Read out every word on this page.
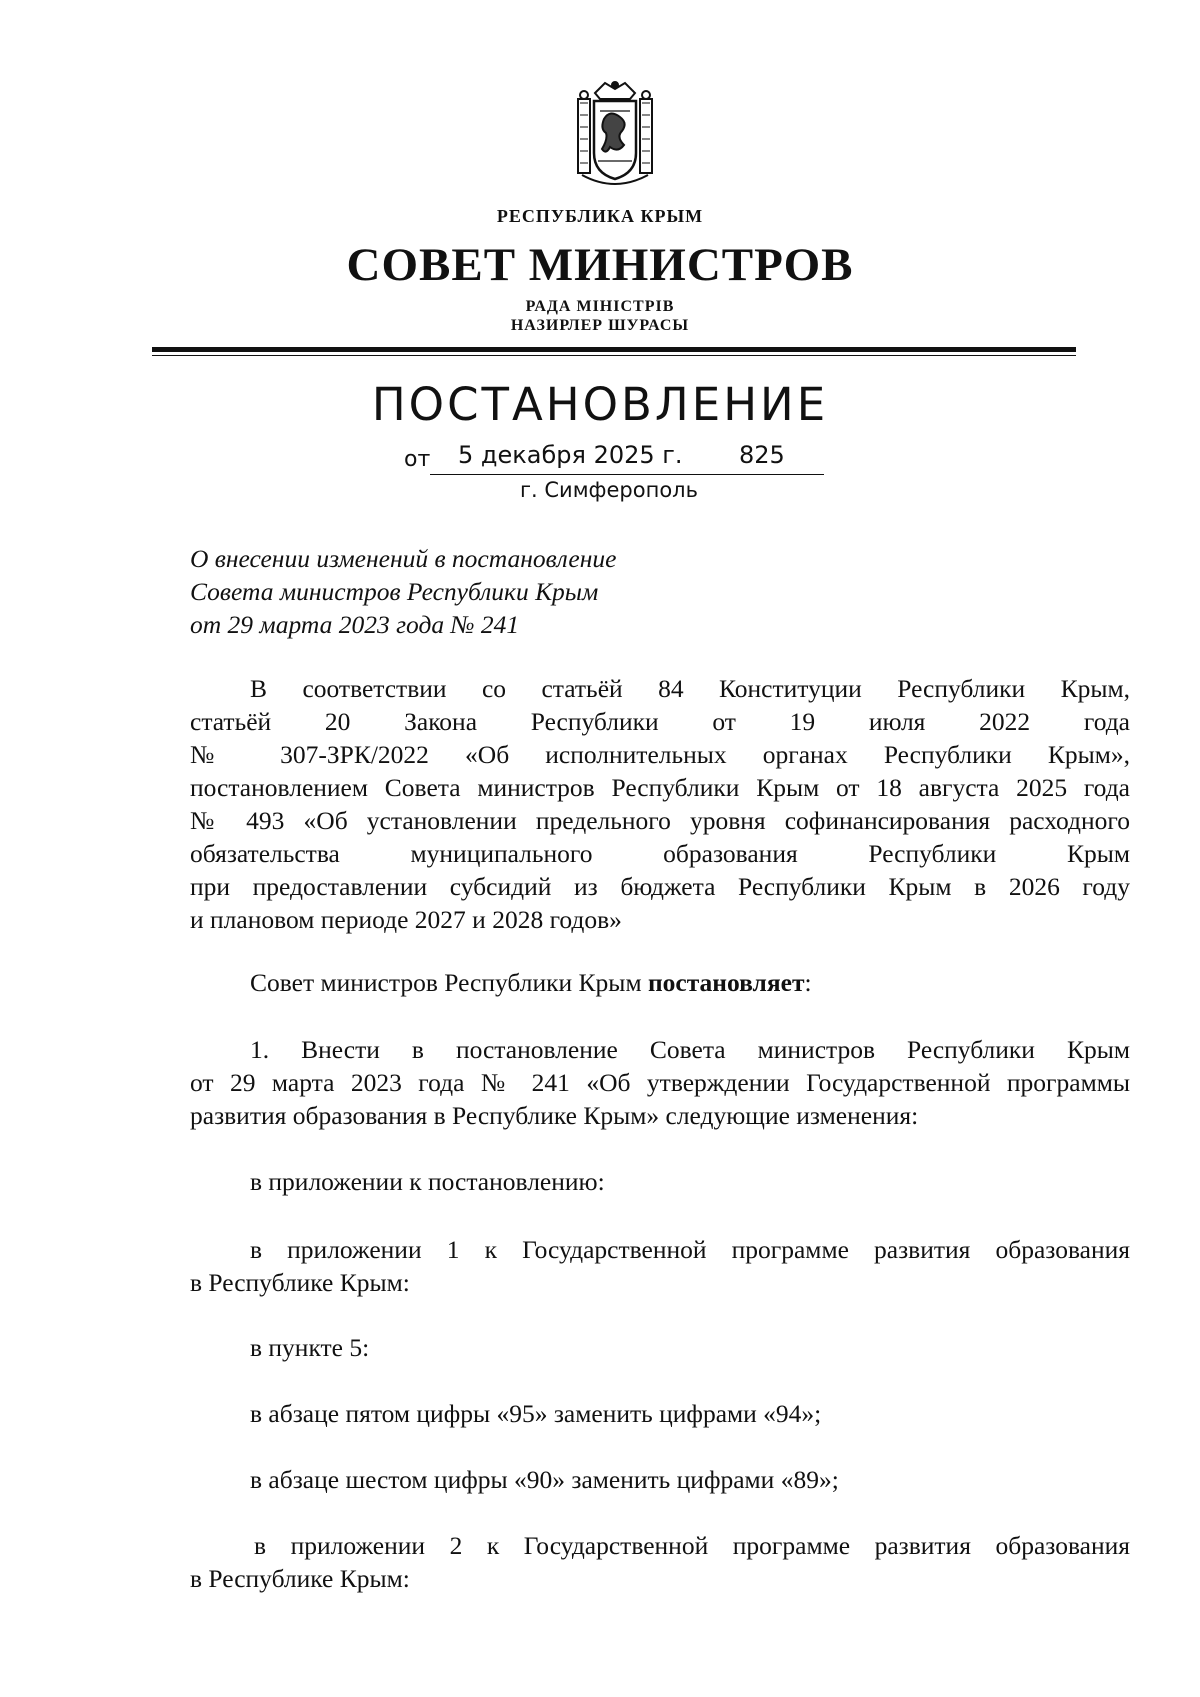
РЕСПУБЛИКА КРЫМ
СОВЕТ МИНИСТРОВ
РАДА МІНІСТРІВ
НАЗИРЛЕР ШУРАСЫ
ПОСТАНОВЛЕНИЕ
от 5 декабря 2025 г. 825
г. Симферополь
О внесении изменений в постановление
Совета министров Республики Крым
от 29 марта 2023 года № 241
В соответствии со статьёй 84 Конституции Республики Крым,
статьёй 20 Закона Республики от 19 июля 2022 года
№ 307-ЗРК/2022 «Об исполнительных органах Республики Крым»,
постановлением Совета министров Республики Крым от 18 августа 2025 года
№ 493 «Об установлении предельного уровня софинансирования расходного
обязательства муниципального образования Республики Крым
при предоставлении субсидий из бюджета Республики Крым в 2026 году
и плановом периоде 2027 и 2028 годов»
Совет министров Республики Крым постановляет:
1. Внести в постановление Совета министров Республики Крым
от 29 марта 2023 года № 241 «Об утверждении Государственной программы
развития образования в Республике Крым» следующие изменения:
в приложении к постановлению:
в приложении 1 к Государственной программе развития образования
в Республике Крым:
в пункте 5:
в абзаце пятом цифры «95» заменить цифрами «94»;
в абзаце шестом цифры «90» заменить цифрами «89»;
в приложении 2 к Государственной программе развития образования
в Республике Крым:
